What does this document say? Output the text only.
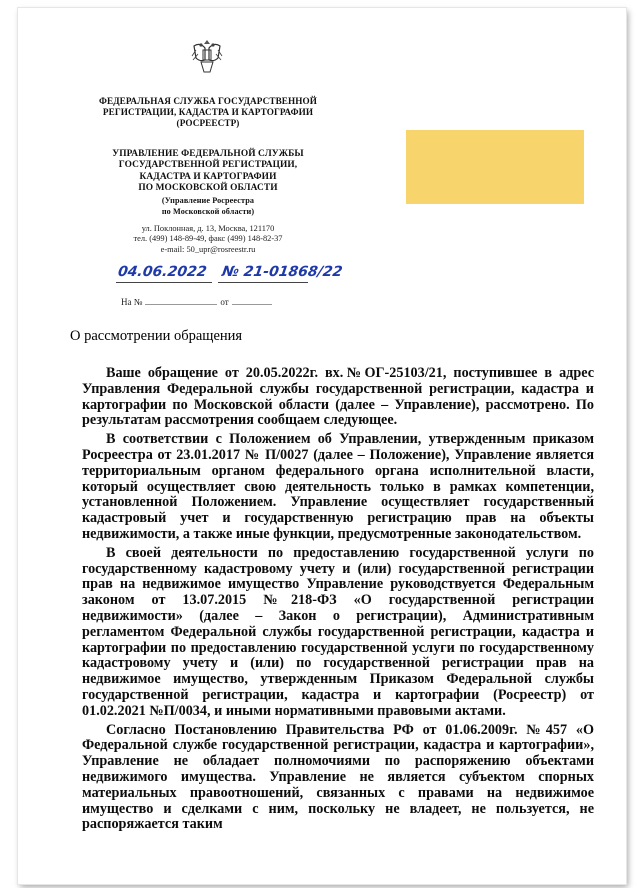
ФЕДЕРАЛЬНАЯ СЛУЖБА ГОСУДАРСТВЕННОЙ
РЕГИСТРАЦИИ, КАДАСТРА И КАРТОГРАФИИ
(РОСРЕЕСТР)
УПРАВЛЕНИЕ ФЕДЕРАЛЬНОЙ СЛУЖБЫ
ГОСУДАРСТВЕННОЙ РЕГИСТРАЦИИ,
КАДАСТРА И КАРТОГРАФИИ
ПО МОСКОВСКОЙ ОБЛАСТИ
(Управление Росреестра
по Московской области)
ул. Поклонная, д. 13, Москва, 121170
тел. (499) 148-89-49, факс (499) 148-82-37
e-mail: 50_upr@rosreestr.ru
04.06.2022 № 21-01868/22
На №	от
О рассмотрении обращения

Ваше обращение от 20.05.2022г. вх.№ОГ-25103/21, поступившее в адрес Управления Федеральной службы государственной регистрации, кадастра и картографии по Московской области (далее – Управление), рассмотрено. По результатам рассмотрения сообщаем следующее.

В соответствии с Положением об Управлении, утвержденным приказом Росреестра от 23.01.2017 № П/0027 (далее – Положение), Управление является территориальным органом федерального органа исполнительной власти, который осуществляет свою деятельность только в рамках компетенции, установленной Положением. Управление осуществляет государственный кадастровый учет и государственную регистрацию прав на объекты недвижимости, а также иные функции, предусмотренные законодательством.

В своей деятельности по предоставлению государственной услуги по государственному кадастровому учету и (или) государственной регистрации прав на недвижимое имущество Управление руководствуется Федеральным законом от 13.07.2015 №218-ФЗ «О государственной регистрации недвижимости» (далее – Закон о регистрации), Административным регламентом Федеральной службы государственной регистрации, кадастра и картографии по предоставлению государственной услуги по государственному кадастровому учету и (или) по государственной регистрации прав на недвижимое имущество, утвержденным Приказом Федеральной службы государственной регистрации, кадастра и картографии (Росреестр) от 01.02.2021 №П/0034, и иными нормативными правовыми актами.

Согласно Постановлению Правительства РФ от 01.06.2009г. №457 «О Федеральной службе государственной регистрации, кадастра и картографии», Управление не обладает полномочиями по распоряжению объектами недвижимого имущества. Управление не является субъектом спорных материальных правоотношений, связанных с правами на недвижимое имущество и сделками с ним, поскольку не владеет, не пользуется, не распоряжается таким
